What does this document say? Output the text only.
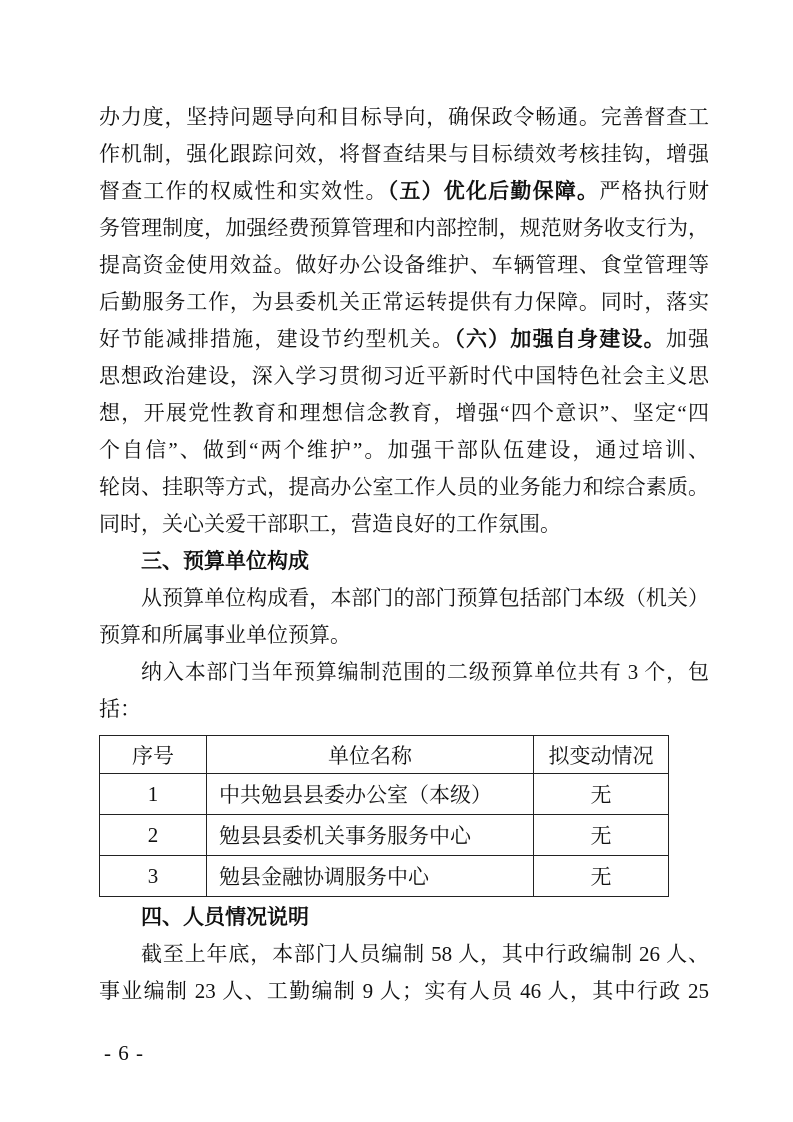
办力度，坚持问题导向和目标导向，确保政令畅通。完善督查工
作机制，强化跟踪问效，将督查结果与目标绩效考核挂钩，增强
督查工作的权威性和实效性。（五）优化后勤保障。严格执行财
务管理制度，加强经费预算管理和内部控制，规范财务收支行为，
提高资金使用效益。做好办公设备维护、车辆管理、食堂管理等
后勤服务工作，为县委机关正常运转提供有力保障。同时，落实
好节能减排措施，建设节约型机关。（六）加强自身建设。加强
思想政治建设，深入学习贯彻习近平新时代中国特色社会主义思
想，开展党性教育和理想信念教育，增强“四个意识”、坚定“四
个自信”、做到“两个维护”。加强干部队伍建设，通过培训、
轮岗、挂职等方式，提高办公室工作人员的业务能力和综合素质。
同时，关心关爱干部职工，营造良好的工作氛围。
三、预算单位构成
从预算单位构成看，本部门的部门预算包括部门本级（机关）
预算和所属事业单位预算。
纳入本部门当年预算编制范围的二级预算单位共有 3 个，包
括：
序号	单位名称	拟变动情况
1	中共勉县县委办公室（本级）	无
2	勉县县委机关事务服务中心	无
3	勉县金融协调服务中心	无
四、人员情况说明
截至上年底，本部门人员编制 58 人，其中行政编制 26 人、
事业编制 23 人、工勤编制 9 人；实有人员 46 人，其中行政 25
- 6 -
